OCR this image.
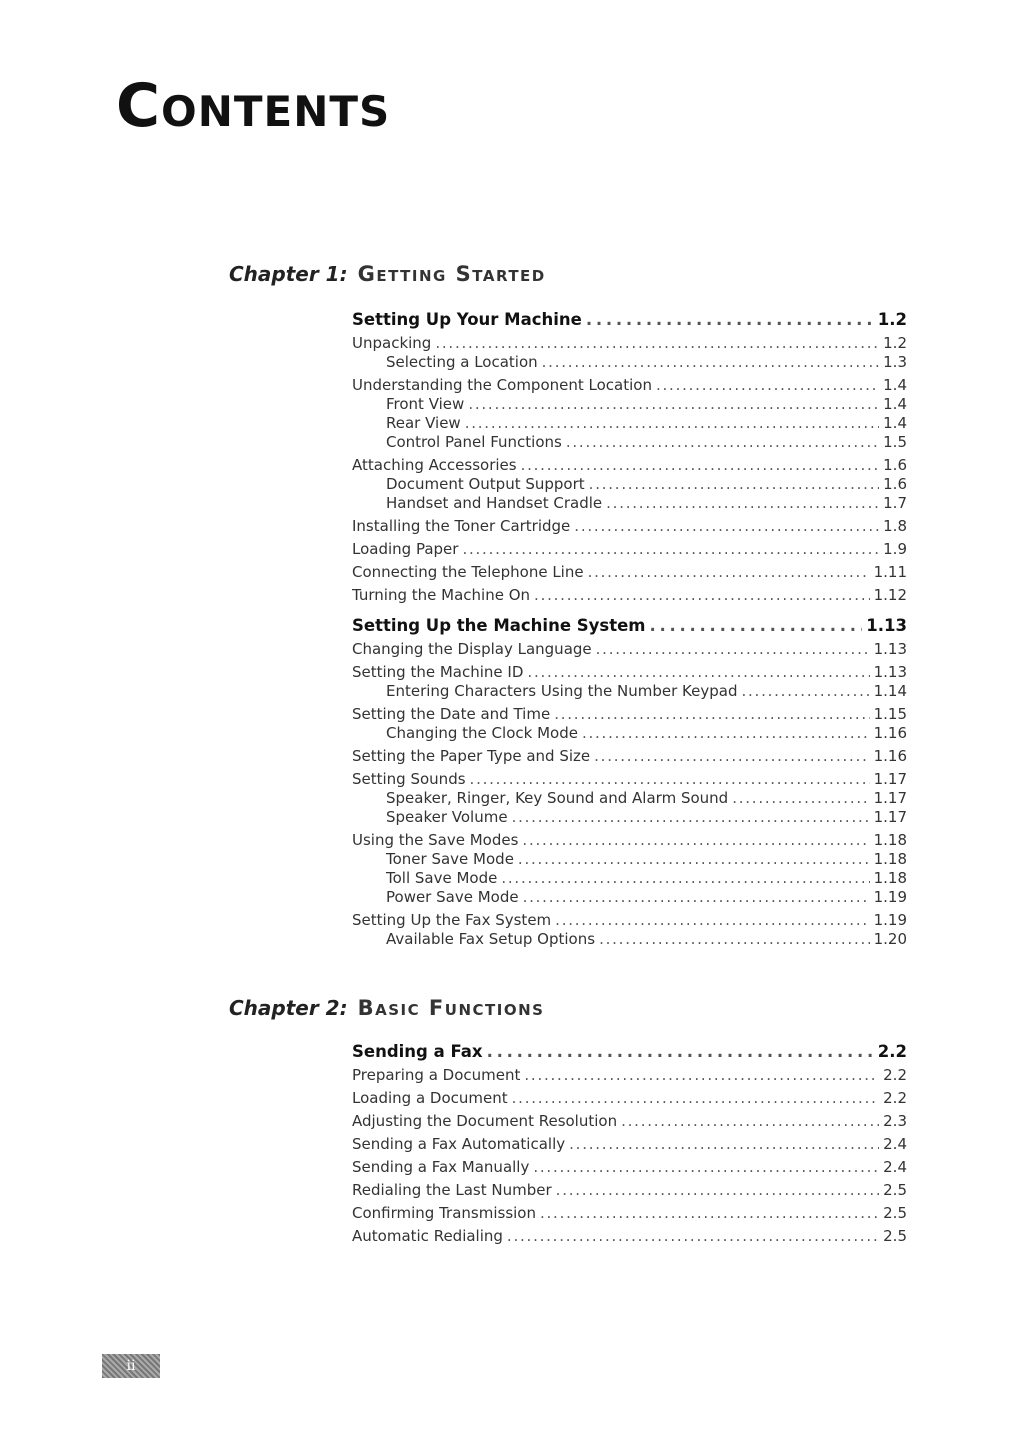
Contents
Chapter 1: Getting Started
Setting Up Your Machine . . .	1.2
Unpacking . . .	1.2
Selecting a Location . . .	1.3
Understanding the Component Location . . .	1.4
Front View . . .	1.4
Rear View . . .	1.4
Control Panel Functions . . .	1.5
Attaching Accessories . . .	1.6
Document Output Support . . .	1.6
Handset and Handset Cradle . . .	1.7
Installing the Toner Cartridge . . .	1.8
Loading Paper . . .	1.9
Connecting the Telephone Line . . .	1.11
Turning the Machine On . . .	1.12
Setting Up the Machine System . . .	1.13
Changing the Display Language . . .	1.13
Setting the Machine ID . . .	1.13
Entering Characters Using the Number Keypad . . .	1.14
Setting the Date and Time . . .	1.15
Changing the Clock Mode . . .	1.16
Setting the Paper Type and Size . . .	1.16
Setting Sounds . . .	1.17
Speaker, Ringer, Key Sound and Alarm Sound . . .	1.17
Speaker Volume . . .	1.17
Using the Save Modes . . .	1.18
Toner Save Mode . . .	1.18
Toll Save Mode . . .	1.18
Power Save Mode . . .	1.19
Setting Up the Fax System . . .	1.19
Available Fax Setup Options . . .	1.20
Chapter 2: Basic Functions
Sending a Fax . . .	2.2
Preparing a Document . . .	2.2
Loading a Document . . .	2.2
Adjusting the Document Resolution . . .	2.3
Sending a Fax Automatically . . .	2.4
Sending a Fax Manually . . .	2.4
Redialing the Last Number . . .	2.5
Confirming Transmission . . .	2.5
Automatic Redialing . . .	2.5
ii
